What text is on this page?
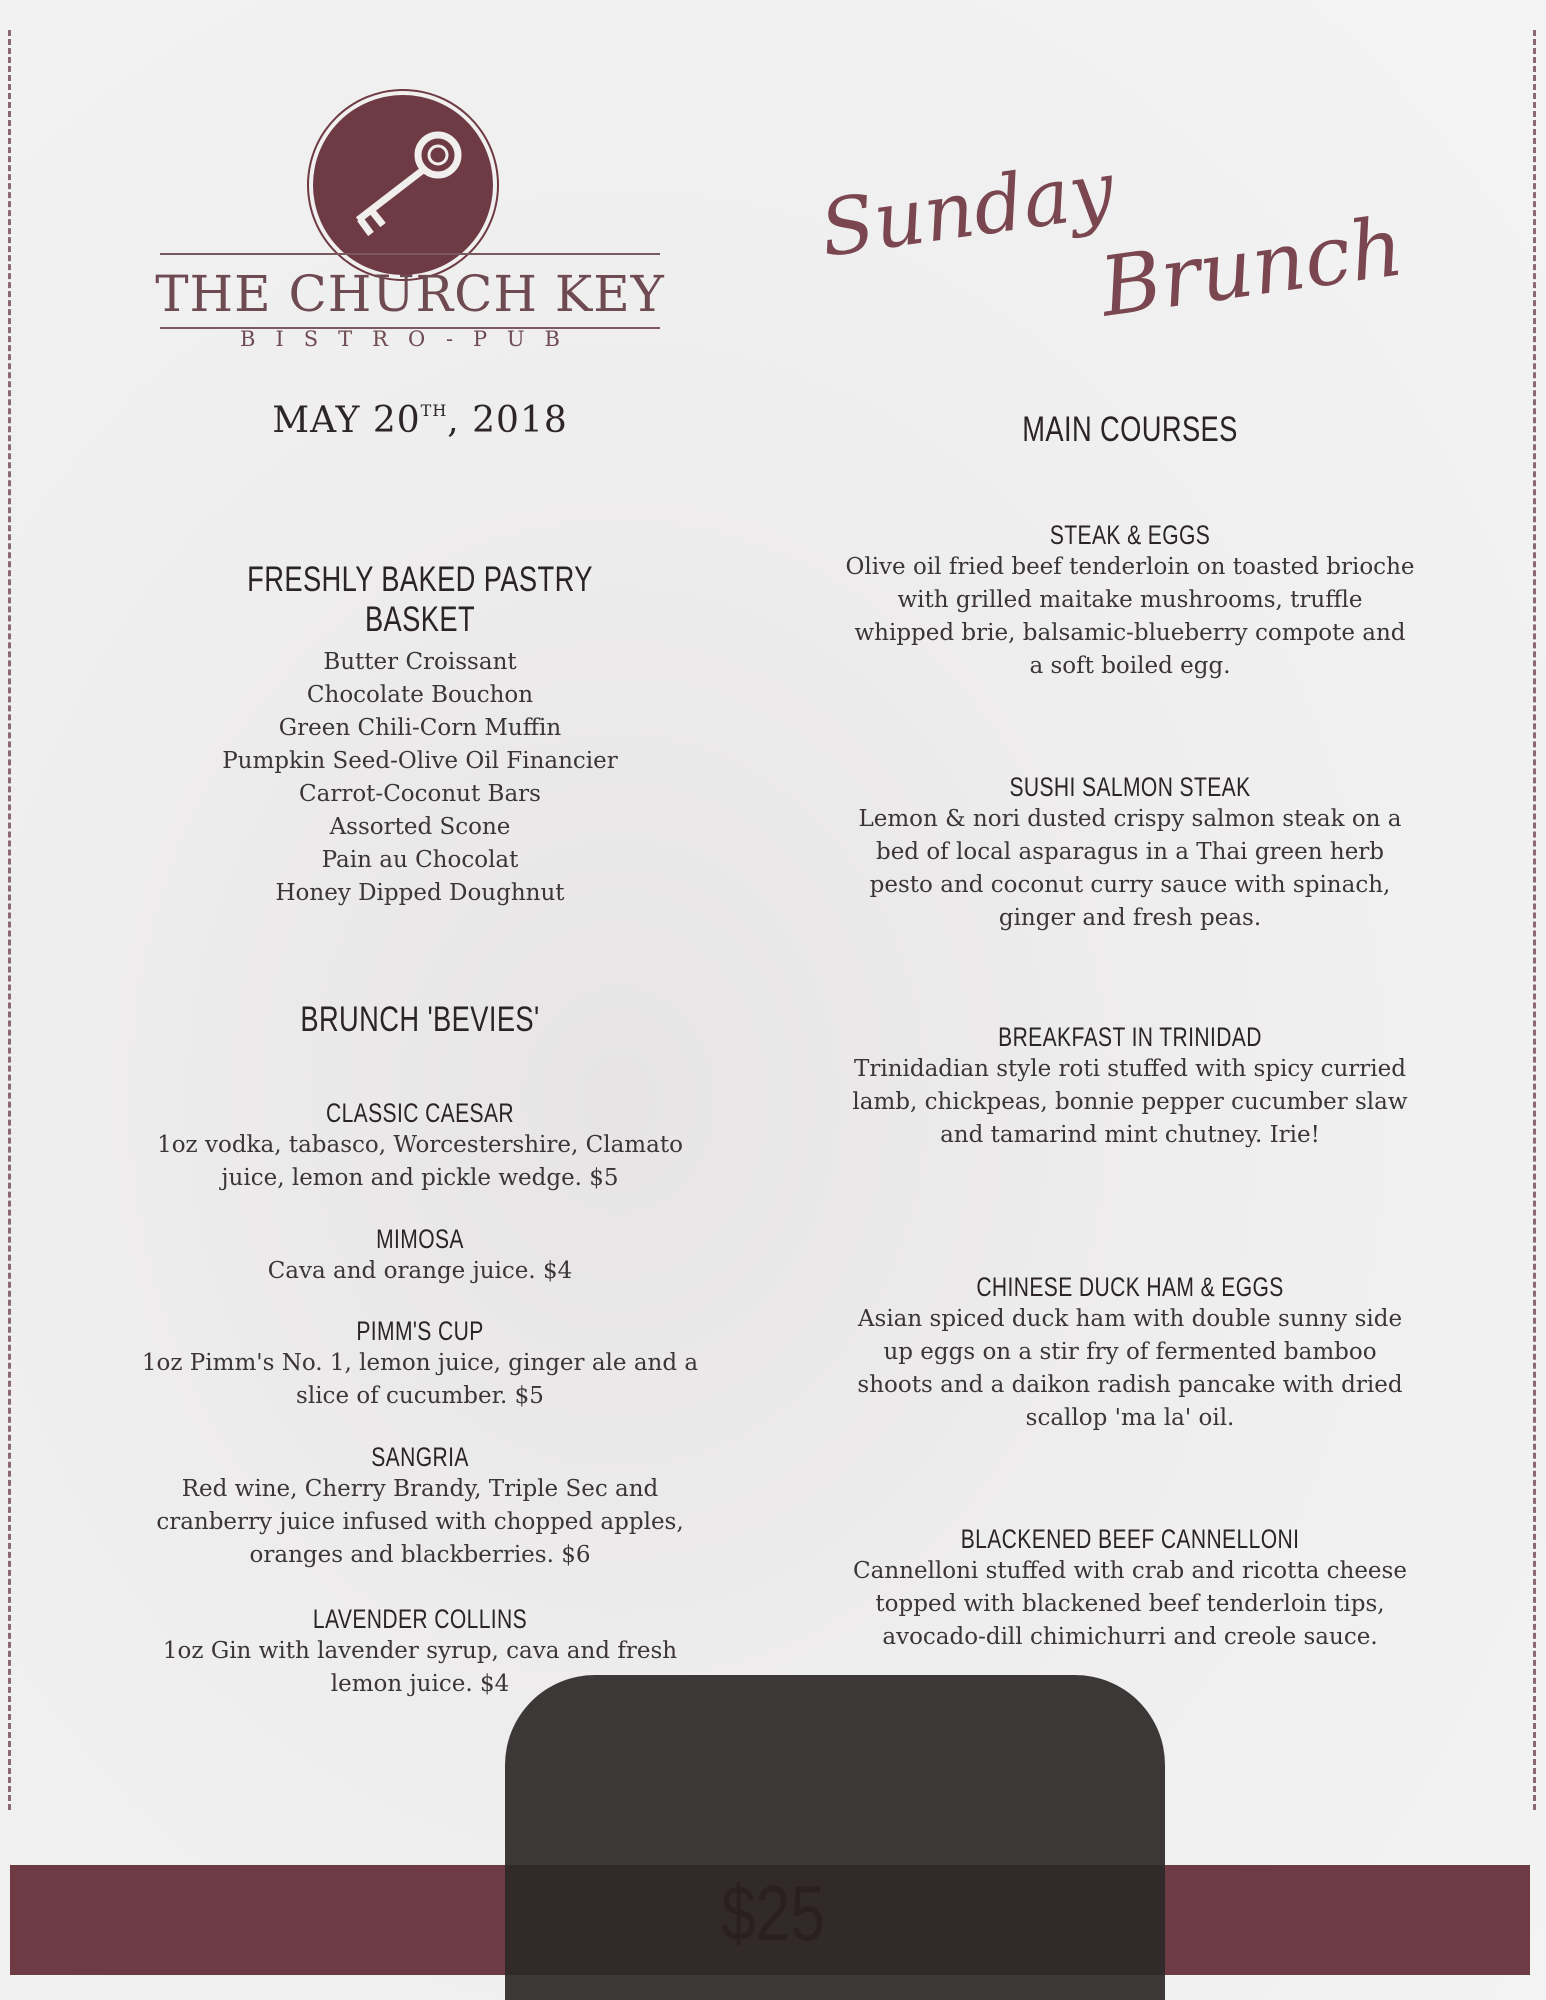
THE CHURCH KEY
BISTRO-PUB
MAY 20TH, 2018
Sunday
Brunch
FRESHLY BAKED PASTRY BASKET
Butter Croissant
Chocolate Bouchon
Green Chili-Corn Muffin
Pumpkin Seed-Olive Oil Financier
Carrot-Coconut Bars
Assorted Scone
Pain au Chocolat
Honey Dipped Doughnut
BRUNCH 'BEVIES'
CLASSIC CAESAR
1oz vodka, tabasco, Worcestershire, Clamato juice, lemon and pickle wedge. $5
MIMOSA
Cava and orange juice. $4
PIMM'S CUP
1oz Pimm's No. 1, lemon juice, ginger ale and a slice of cucumber. $5
SANGRIA
Red wine, Cherry Brandy, Triple Sec and cranberry juice infused with chopped apples, oranges and blackberries. $6
LAVENDER COLLINS
1oz Gin with lavender syrup, cava and fresh lemon juice. $4
MAIN COURSES
STEAK & EGGS
Olive oil fried beef tenderloin on toasted brioche with grilled maitake mushrooms, truffle whipped brie, balsamic-blueberry compote and a soft boiled egg.
SUSHI SALMON STEAK
Lemon & nori dusted crispy salmon steak on a bed of local asparagus in a Thai green herb pesto and coconut curry sauce with spinach, ginger and fresh peas.
BREAKFAST IN TRINIDAD
Trinidadian style roti stuffed with spicy curried lamb, chickpeas, bonnie pepper cucumber slaw and tamarind mint chutney. Irie!
CHINESE DUCK HAM & EGGS
Asian spiced duck ham with double sunny side up eggs on a stir fry of fermented bamboo shoots and a daikon radish pancake with dried scallop 'ma la' oil.
BLACKENED BEEF CANNELLONI
Cannelloni stuffed with crab and ricotta cheese topped with blackened beef tenderloin tips, avocado-dill chimichurri and creole sauce.
$25
